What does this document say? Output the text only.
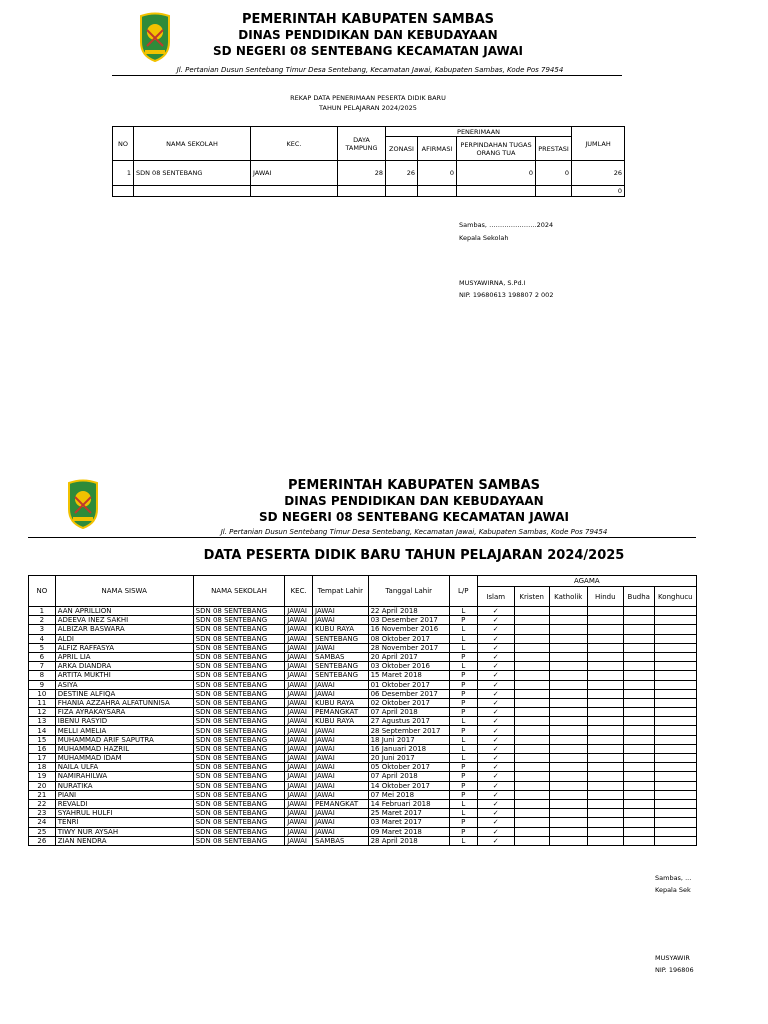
PEMERINTAH KABUPATEN SAMBAS
DINAS PENDIDIKAN DAN KEBUDAYAAN
SD NEGERI 08 SENTEBANG KECAMATAN JAWAI
Jl. Pertanian Dusun Sentebang Timur Desa Sentebang, Kecamatan Jawai, Kabupaten Sambas, Kode Pos 79454
REKAP DATA PENERIMAAN PESERTA DIDIK BARU
TAHUN PELAJARAN 2024/2025
NO	NAMA SEKOLAH	KEC.	DAYA TAMPUNG	PENERIMAAN				JUMLAH
				ZONASI	AFIRMASI	PERPINDAHAN TUGAS ORANG TUA	PRESTASI	
1	SDN 08 SENTEBANG	JAWAI	28	26	0	0	0	26
								0
Sambas, ………………….2024
Kepala Sekolah
MUSYAWIRNA, S.Pd.I
NIP. 19680613 198807 2 002
PEMERINTAH KABUPATEN SAMBAS
DINAS PENDIDIKAN DAN KEBUDAYAAN
SD NEGERI 08 SENTEBANG KECAMATAN JAWAI
Jl. Pertanian Dusun Sentebang Timur Desa Sentebang, Kecamatan Jawai, Kabupaten Sambas, Kode Pos 79454
DATA PESERTA DIDIK BARU TAHUN PELAJARAN 2024/2025
NO	NAMA SISWA	NAMA SEKOLAH	KEC.	Tempat Lahir	Tanggal Lahir	L/P	AGAMA					
							Islam	Kristen	Katholik	Hindu	Budha	Konghucu
1	AAN APRILLION	SDN 08 SENTEBANG	JAWAI	JAWAI	22 April 2018	L	✓					
2	ADEEVA INEZ SAKHI	SDN 08 SENTEBANG	JAWAI	JAWAI	03 Desember 2017	P	✓					
3	ALBIZAR BASWARA	SDN 08 SENTEBANG	JAWAI	KUBU RAYA	16 November 2016	L	✓					
4	ALDI	SDN 08 SENTEBANG	JAWAI	SENTEBANG	08 Oktober 2017	L	✓					
5	ALFIZ RAFFASYA	SDN 08 SENTEBANG	JAWAI	JAWAI	28 November 2017	L	✓					
6	APRIL LIA	SDN 08 SENTEBANG	JAWAI	SAMBAS	20 April 2017	P	✓					
7	ARKA DIANDRA	SDN 08 SENTEBANG	JAWAI	SENTEBANG	03 Oktober 2016	L	✓					
8	ARTITA MUKTHI	SDN 08 SENTEBANG	JAWAI	SENTEBANG	15 Maret 2018	P	✓					
9	ASIYA	SDN 08 SENTEBANG	JAWAI	JAWAI	01 Oktober 2017	P	✓					
10	DESTINE ALFIQA	SDN 08 SENTEBANG	JAWAI	JAWAI	06 Desember 2017	P	✓					
11	FHANIA AZZAHRA ALFATUNNISA	SDN 08 SENTEBANG	JAWAI	KUBU RAYA	02 Oktober 2017	P	✓					
12	FIZA AYRAKAYSARA	SDN 08 SENTEBANG	JAWAI	PEMANGKAT	07 April 2018	P	✓					
13	IBENU RASYID	SDN 08 SENTEBANG	JAWAI	KUBU RAYA	27 Agustus 2017	L	✓					
14	MELLI AMELIA	SDN 08 SENTEBANG	JAWAI	JAWAI	28 September 2017	P	✓					
15	MUHAMMAD ARIF SAPUTRA	SDN 08 SENTEBANG	JAWAI	JAWAI	18 Juni 2017	L	✓					
16	MUHAMMAD HAZRIL	SDN 08 SENTEBANG	JAWAI	JAWAI	16 Januari 2018	L	✓					
17	MUHAMMAD IDAM	SDN 08 SENTEBANG	JAWAI	JAWAI	20 Juni 2017	L	✓					
18	NAILA ULFA	SDN 08 SENTEBANG	JAWAI	JAWAI	05 Oktober 2017	P	✓					
19	NAMIRAHILWA	SDN 08 SENTEBANG	JAWAI	JAWAI	07 April 2018	P	✓					
20	NURATIKA	SDN 08 SENTEBANG	JAWAI	JAWAI	14 Oktober 2017	P	✓					
21	PIANI	SDN 08 SENTEBANG	JAWAI	JAWAI	07 Mei 2018	P	✓					
22	REVALDI	SDN 08 SENTEBANG	JAWAI	PEMANGKAT	14 Februari 2018	L	✓					
23	SYAHRUL HULFI	SDN 08 SENTEBANG	JAWAI	JAWAI	25 Maret 2017	L	✓					
24	TENRI	SDN 08 SENTEBANG	JAWAI	JAWAI	03 Maret 2017	P	✓					
25	TIWY NUR AYSAH	SDN 08 SENTEBANG	JAWAI	JAWAI	09 Maret 2018	P	✓					
26	ZIAN NENDRA	SDN 08 SENTEBANG	JAWAI	SAMBAS	28 April 2018	L	✓					
Sambas, ...
Kepala Sek
MUSYAWIR
NIP. 196806
